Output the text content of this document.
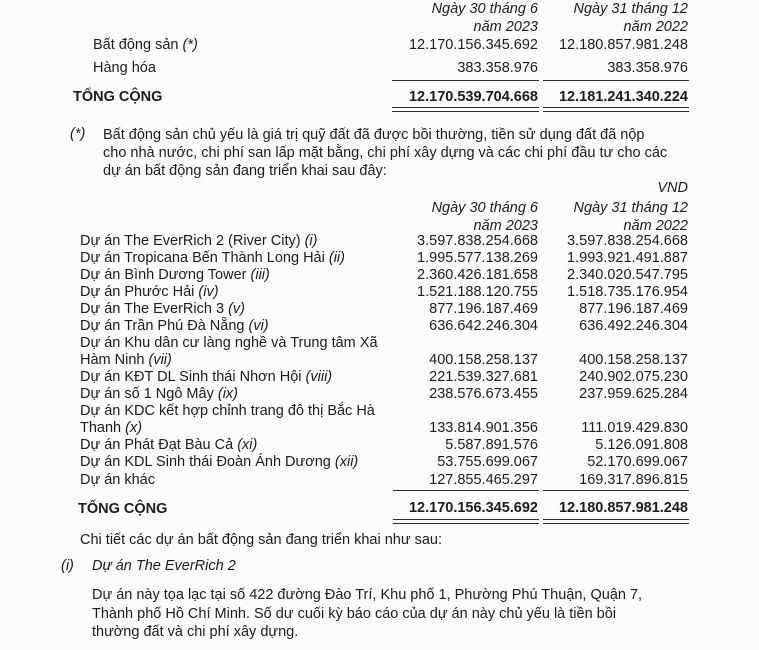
Ngày 30 tháng 6
năm 2023
Ngày 31 tháng 12
năm 2022
Bất động sản (*)	12.170.156.345.692	12.180.857.981.248
Hàng hóa	383.358.976	383.358.976
TỔNG CỘNG	12.170.539.704.668	12.181.241.340.224
(*) Bất động sản chủ yếu là giá trị quỹ đất đã được bồi thường, tiền sử dụng đất đã nộp
cho nhà nước, chi phí san lấp mặt bằng, chi phí xây dựng và các chi phí đầu tư cho các
dự án bất động sản đang triển khai sau đây:
VND
Ngày 30 tháng 6
năm 2023
Ngày 31 tháng 12
năm 2022
Dự án The EverRich 2 (River City) (i)	3.597.838.254.668	3.597.838.254.668
Dự án Tropicana Bến Thành Long Hải (ii)	1.995.577.138.269	1.993.921.491.887
Dự án Bình Dương Tower (iii)	2.360.426.181.658	2.340.020.547.795
Dự án Phước Hải (iv)	1.521.188.120.755	1.518.735.176.954
Dự án The EverRich 3 (v)	877.196.187.469	877.196.187.469
Dự án Trần Phú Đà Nẵng (vi)	636.642.246.304	636.492.246.304
Dự án Khu dân cư làng nghề và Trung tâm Xã
Hàm Ninh (vii)	400.158.258.137	400.158.258.137
Dự án KĐT DL Sinh thái Nhơn Hội (viii)	221.539.327.681	240.902.075.230
Dự án số 1 Ngô Mây (ix)	238.576.673.455	237.959.625.284
Dự án KDC kết hợp chỉnh trang đô thị Bắc Hà
Thanh (x)	133.814.901.356	111.019.429.830
Dự án Phát Đạt Bàu Cả (xi)	5.587.891.576	5.126.091.808
Dự án KDL Sinh thái Đoàn Ánh Dương (xii)	53.755.699.067	52.170.699.067
Dự án khác	127.855.465.297	169.317.896.815
TỔNG CỘNG	12.170.156.345.692	12.180.857.981.248
Chi tiết các dự án bất động sản đang triển khai như sau:
(i) Dự án The EverRich 2
Dự án này tọa lạc tại số 422 đường Đào Trí, Khu phố 1, Phường Phú Thuận, Quận 7,
Thành phố Hồ Chí Minh. Số dư cuối kỳ báo cáo của dự án này chủ yếu là tiền bồi
thường đất và chi phí xây dựng.
